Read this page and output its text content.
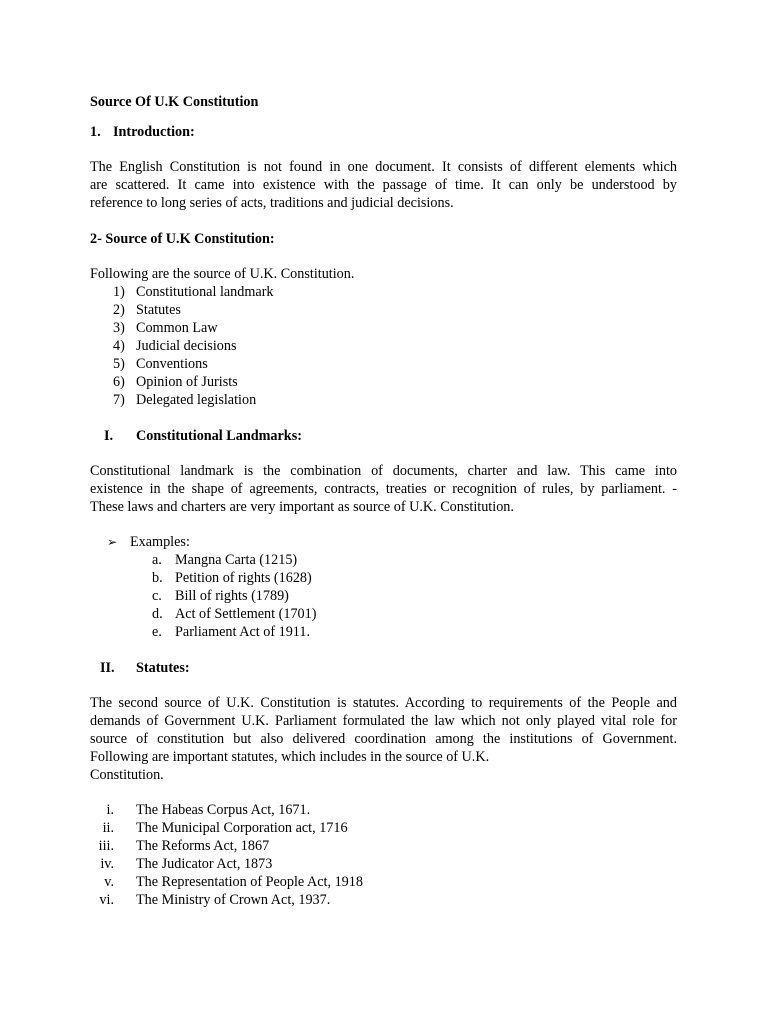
Source Of U.K Constitution
1. Introduction:
The English Constitution is not found in one document. It consists of different elements which
are scattered. It came into existence with the passage of time. It can only be understood by
reference to long series of acts, traditions and judicial decisions.
2- Source of U.K Constitution:
Following are the source of U.K. Constitution.
1) Constitutional landmark
2) Statutes
3) Common Law
4) Judicial decisions
5) Conventions
6) Opinion of Jurists
7) Delegated legislation
I. Constitutional Landmarks:
Constitutional landmark is the combination of documents, charter and law. This came into
existence in the shape of agreements, contracts, treaties or recognition of rules, by parliament. -
These laws and charters are very important as source of U.K. Constitution.
➢ Examples:
a. Mangna Carta (1215)
b. Petition of rights (1628)
c. Bill of rights (1789)
d. Act of Settlement (1701)
e. Parliament Act of 1911.
II. Statutes:
The second source of U.K. Constitution is statutes. According to requirements of the People and
demands of Government U.K. Parliament formulated the law which not only played vital role for
source of constitution but also delivered coordination among the institutions of Government.
Following are important statutes, which includes in the source of U.K.
Constitution.
i. The Habeas Corpus Act, 1671.
ii. The Municipal Corporation act, 1716
iii. The Reforms Act, 1867
iv. The Judicator Act, 1873
v. The Representation of People Act, 1918
vi. The Ministry of Crown Act, 1937.
